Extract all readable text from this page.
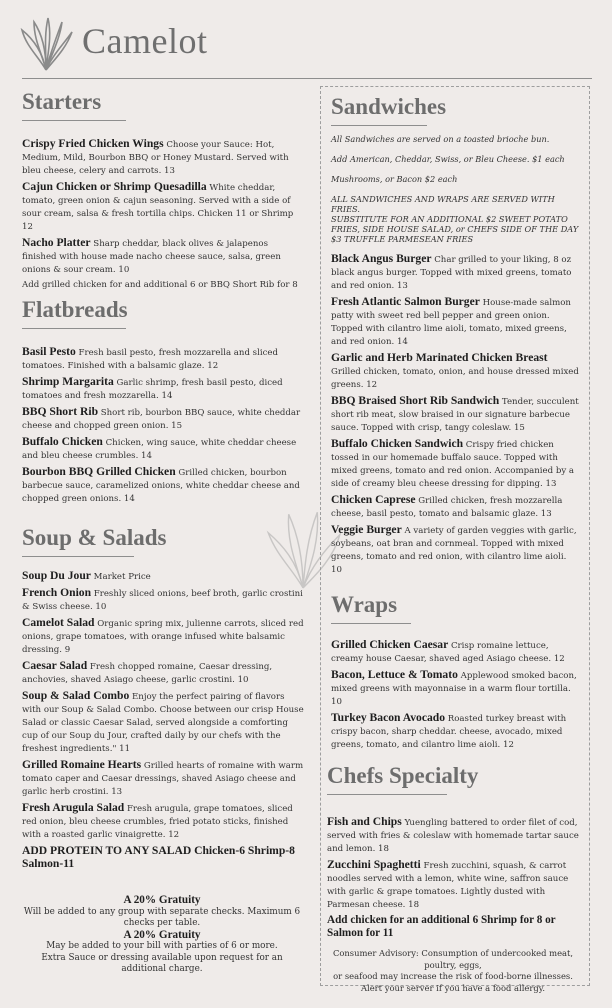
Camelot
Starters
Crispy Fried Chicken Wings Choose your Sauce: Hot, Medium, Mild, Bourbon BBQ or Honey Mustard. Served with bleu cheese, celery and carrots. 13
Cajun Chicken or Shrimp Quesadilla White cheddar, tomato, green onion & cajun seasoning. Served with a side of sour cream, salsa & fresh tortilla chips. Chicken 11 or Shrimp 12
Nacho Platter Sharp cheddar, black olives & jalapenos finished with house made nacho cheese sauce, salsa, green onions & sour cream. 10
Add grilled chicken for and additional 6 or BBQ Short Rib for 8
Flatbreads
Basil Pesto Fresh basil pesto, fresh mozzarella and sliced tomatoes. Finished with a balsamic glaze. 12
Shrimp Margarita Garlic shrimp, fresh basil pesto, diced tomatoes and fresh mozzarella. 14
BBQ Short Rib Short rib, bourbon BBQ sauce, white cheddar cheese and chopped green onion. 15
Buffalo Chicken Chicken, wing sauce, white cheddar cheese and bleu cheese crumbles. 14
Bourbon BBQ Grilled Chicken Grilled chicken, bourbon barbecue sauce, caramelized onions, white cheddar cheese and chopped green onions. 14
Soup & Salads
Soup Du Jour Market Price
French Onion Freshly sliced onions, beef broth, garlic crostini & Swiss cheese. 10
Camelot Salad Organic spring mix, julienne carrots, sliced red onions, grape tomatoes, with orange infused white balsamic dressing. 9
Caesar Salad Fresh chopped romaine, Caesar dressing, anchovies, shaved Asiago cheese, garlic crostini. 10
Soup & Salad Combo Enjoy the perfect pairing of flavors with our Soup & Salad Combo. Choose between our crisp House Salad or classic Caesar Salad, served alongside a comforting cup of our Soup du Jour, crafted daily by our chefs with the freshest ingredients." 11
Grilled Romaine Hearts Grilled hearts of romaine with warm tomato caper and Caesar dressings, shaved Asiago cheese and garlic herb crostini. 13
Fresh Arugula Salad Fresh arugula, grape tomatoes, sliced red onion, bleu cheese crumbles, fried potato sticks, finished with a roasted garlic vinaigrette. 12
ADD PROTEIN TO ANY SALAD Chicken-6 Shrimp-8 Salmon-11
A 20% Gratuity
Will be added to any group with separate checks. Maximum 6 checks per table.
A 20% Gratuity
May be added to your bill with parties of 6 or more.
Extra Sauce or dressing available upon request for an additional charge.
Sandwiches
All Sandwiches are served on a toasted brioche bun.
Add American, Cheddar, Swiss, or Bleu Cheese. $1 each
Mushrooms, or Bacon $2 each
ALL SANDWICHES AND WRAPS ARE SERVED WITH FRIES.
SUBSTITUTE FOR AN ADDITIONAL $2 SWEET POTATO FRIES, SIDE HOUSE SALAD, or CHEFS SIDE OF THE DAY
$3 TRUFFLE PARMESEAN FRIES
Black Angus Burger Char grilled to your liking, 8 oz black angus burger. Topped with mixed greens, tomato and red onion. 13
Fresh Atlantic Salmon Burger House-made salmon patty with sweet red bell pepper and green onion. Topped with cilantro lime aioli, tomato, mixed greens, and red onion. 14
Garlic and Herb Marinated Chicken Breast Grilled chicken, tomato, onion, and house dressed mixed greens. 12
BBQ Braised Short Rib Sandwich Tender, succulent short rib meat, slow braised in our signature barbecue sauce. Topped with crisp, tangy coleslaw. 15
Buffalo Chicken Sandwich Crispy fried chicken tossed in our homemade buffalo sauce. Topped with mixed greens, tomato and red onion. Accompanied by a side of creamy bleu cheese dressing for dipping. 13
Chicken Caprese Grilled chicken, fresh mozzarella cheese, basil pesto, tomato and balsamic glaze. 13
Veggie Burger A variety of garden veggies with garlic, soybeans, oat bran and cornmeal. Topped with mixed greens, tomato and red onion, with cilantro lime aioli. 10
Wraps
Grilled Chicken Caesar Crisp romaine lettuce, creamy house Caesar, shaved aged Asiago cheese. 12
Bacon, Lettuce & Tomato Applewood smoked bacon, mixed greens with mayonnaise in a warm flour tortilla. 10
Turkey Bacon Avocado Roasted turkey breast with crispy bacon, sharp cheddar. cheese, avocado, mixed greens, tomato, and cilantro lime aioli. 12
Chefs Specialty
Fish and Chips Yuengling battered to order filet of cod, served with fries & coleslaw with homemade tartar sauce and lemon. 18
Zucchini Spaghetti Fresh zucchini, squash, & carrot noodles served with a lemon, white wine, saffron sauce with garlic & grape tomatoes. Lightly dusted with Parmesan cheese. 18
Add chicken for an additional 6 Shrimp for 8 or Salmon for 11
Consumer Advisory: Consumption of undercooked meat, poultry, eggs,
or seafood may increase the risk of food-borne illnesses.
Alert your server if you have a food allergy.
